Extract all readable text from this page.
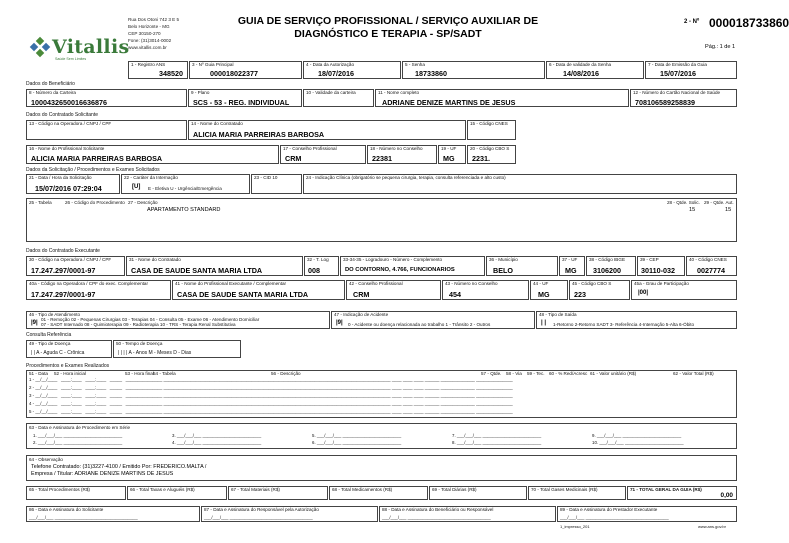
Rua Dos Otoni 742 3 E 5
Belo Horizonte - MG
CEP 30150-270
Fone: (31)3014-0002
www.vitallis.com.br
Vitallis
Saúde Sem Limites
GUIA DE SERVIÇO PROFISSIONAL / SERVIÇO AUXILIAR DE
DIAGNÓSTICO E TERAPIA - SP/SADT
2 - Nº 000018733860
Pág.: 1 de 1
1 - Registro ANS
348520
3 - Nº Guia Principal
000018022377
4 - Data da Autorização
18/07/2016
5 - Senha
18733860
6 - Data de validade da Senha
14/08/2016
7 - Data de Emissão da Guia
15/07/2016
Dados do Beneficiário
8 - Número da Carteira
1000432650016636876
9 - Plano
SCS - 53 - REG. INDIVIDUAL
10 - Validade da carteira	11 - Nome completo
ADRIANE DENIZE MARTINS DE JESUS
12 - Número do Cartão Nacional de Saúde
708106589258839
Dados do Contratado Solicitante
13 - Código na Operadora / CNPJ / CPF	14 - Nome do Contratado
ALICIA MARIA PARREIRAS BARBOSA
15 - Código CNES
16 - Nome do Profissional Solicitante
ALICIA MARIA PARREIRAS BARBOSA
17 - Conselho Profissional
CRM
18 - Número no Conselho
22381
19 - UF
MG
20 - Código CBO S
2231.
Dados da Solicitação / Procedimentos e Exames Solicitados
21 - Data / Hora da Solicitação
15/07/2016 07:29:04
22 - Caráter da Internação
[U] E - Eletiva U - Urgência/Emergência
23 - CID 10	24 - Indicação Clínica (obrigatório se pequena cirurgia, terapia, consulta referenciada e alto custo)
25 - Tabela	26 - Código do Procedimento 27 - Descrição
APARTAMENTO STANDARD
28 - Qtde. Solic.
15
29 - Qtde. Aut.
15
Dados do Contratado Executante
30 - Código na Operadora / CNPJ / CPF
17.247.297/0001-97
31 - Nome do Contratado
CASA DE SAUDE SANTA MARIA LTDA
32 - T. Log
008
33-34-35 - Logradouro - Número - Complemento
DO CONTORNO, 4.766, FUNCIONARIOS
36 - Município
BELO
37 - UF
MG
38 - Código IBGE
3106200
39 - CEP
30110-032
40 - Código CNES
0027774
40a - Código na Operadora / CPF do exec. Complementar
17.247.297/0001-97
41 - Nome do Profissional Executante / Complementar
CASA DE SAUDE SANTA MARIA LTDA
42 - Conselho Profissional
CRM
43 - Número no Conselho
454
44 - UF
MG
45 - Código CBO S
223
45a - Grau de Participação
|00|
46 - Tipo de Atendimento
|9|
01 - Remoção 02 - Pequenas Cirurgias 03 - Terapias 04 - Consulta 05 - Exame 06 - Atendimento Domiciliar
07 - SADT Internado 08 - Quimioterapia 09 - Radioterapia 10 - TRS - Terapia Renal Substitutiva
47 - Indicação de Acidente
|9| 0 - Acidente ou doença relacionada ao trabalho 1 - Trânsito 2 - Outros
48 - Tipo de Saída
| | 1-Retorno 2-Retorno SADT 3- Referência 4-Internação 5-Alta 6-Óbito
Consulta Referência
49 - Tipo de Doença
| | A - Aguda C - Crônica
50 - Tempo de Doença
| | | | A - Anos M - Meses D - Dias
Procedimentos e Exames Realizados
51 - Data 52 - Hora inicial	53 - Hora final 54 - Tabela	56 - Descrição	57 - Qtde. 58 - Via 59 - Tec. 60 - % Red/Acresc 61 - Valor unitário (R$)	62 - Valor Total (R$)
1 - __/__/____   ____:____   ____:____   _____   _______________ _____________________________________________________________________________________________ ____ ____ ____ ______ ______________ _______________
2 - __/__/____   ____:____   ____:____   _____   _______________ _____________________________________________________________________________________________ ____ ____ ____ ______ ______________ _______________
3 - __/__/____   ____:____   ____:____   _____   _______________ _____________________________________________________________________________________________ ____ ____ ____ ______ ______________ _______________
4 - __/__/____   ____:____   ____:____   _____   _______________ _____________________________________________________________________________________________ ____ ____ ____ ______ ______________ _______________
5 - __/__/____   ____:____   ____:____   _____   _______________ _____________________________________________________________________________________________ ____ ____ ____ ______ ______________ _______________
63 - Data e Assinatura de Procedimento em Série
1. ___/___/___ ________________________
2. ___/___/___ ________________________
3. ___/___/___ ________________________
4. ___/___/___ ________________________
5. ___/___/___ ________________________
6. ___/___/___ ________________________
7. ___/___/___ ________________________
8. ___/___/___ ________________________
9. ___/___/___ ________________________
10. ___/___/___ ________________________
64 - Observação
Telefone Contratado: (31)3227-4100 / Emitido Por: FREDERICO.MALTA /
Empresa / Titular: ADRIANE DENIZE MARTINS DE JESUS
65 - Total Procedimentos (R$)	66 - Total Taxas e Aluguéis (R$)	67 - Total Materiais (R$)	68 - Total Medicamentos (R$)	69 - Total Diárias (R$)	70 - Total Gases Medicinais (R$)	71 - TOTAL GERAL DA GUIA (R$)
0,00
86 - Data e Assinatura do Solicitante
___/___/___ __________________________________
87 - Data e Assinatura do Responsável pela Autorização
___/___/___ __________________________________
88 - Data e Assinatura do Beneficiário ou Responsável
___/___/___ __________________________________
89 - Data e Assinatura do Prestador Executante
___/___/___ __________________________________
1_impresso_201	www.ans.gov.br
